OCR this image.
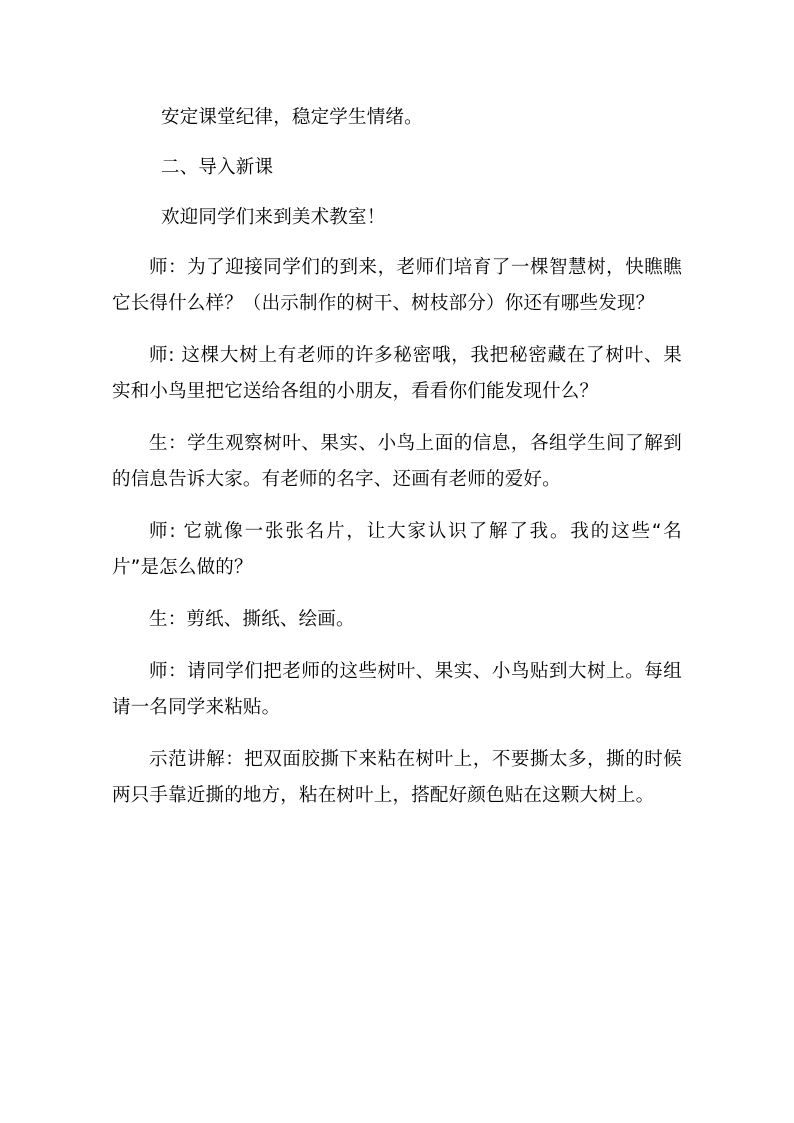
安定课堂纪律，稳定学生情绪。

二、导入新课

欢迎同学们来到美术教室！

师：为了迎接同学们的到来，老师们培育了一棵智慧树，快瞧瞧它长得什么样？（出示制作的树干、树枝部分）你还有哪些发现？

师: 这棵大树上有老师的许多秘密哦，我把秘密藏在了树叶、果实和小鸟里把它送给各组的小朋友，看看你们能发现什么？

生：学生观察树叶、果实、小鸟上面的信息，各组学生间了解到的信息告诉大家。有老师的名字、还画有老师的爱好。

师: 它就像一张张名片，让大家认识了解了我。我的这些“名片”是怎么做的？

生：剪纸、撕纸、绘画。

师：请同学们把老师的这些树叶、果实、小鸟贴到大树上。每组请一名同学来粘贴。

示范讲解：把双面胶撕下来粘在树叶上，不要撕太多，撕的时候两只手靠近撕的地方，粘在树叶上，搭配好颜色贴在这颗大树上。
